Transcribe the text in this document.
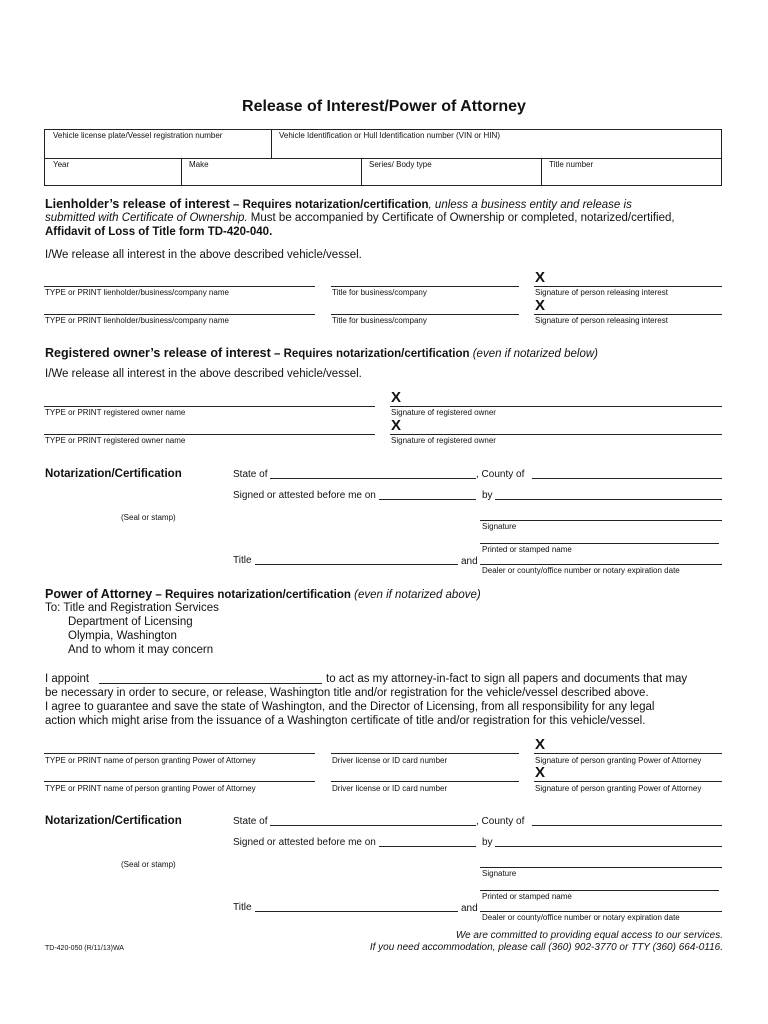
Release of Interest/Power of Attorney
Vehicle license plate/Vessel registration number	Vehicle Identification or Hull Identification number (VIN or HIN)
Year	Make	Series/ Body type	Title number
Lienholder’s release of interest – Requires notarization/certification, unless a business entity and release is
submitted with Certificate of Ownership. Must be accompanied by Certificate of Ownership or completed, notarized/certified,
Affidavit of Loss of Title form TD-420-040.
I/We release all interest in the above described vehicle/vessel.
X
TYPE or PRINT lienholder/business/company name	Title for business/company	Signature of person releasing interest
X
TYPE or PRINT lienholder/business/company name	Title for business/company	Signature of person releasing interest
Registered owner’s release of interest – Requires notarization/certification (even if notarized below)
I/We release all interest in the above described vehicle/vessel.
X
TYPE or PRINT registered owner name	Signature of registered owner
X
TYPE or PRINT registered owner name	Signature of registered owner
Notarization/Certification	State of	, County of
Signed or attested before me on	by
(Seal or stamp)
Signature
Printed or stamped name
Title	and
Dealer or county/office number or notary expiration date
Power of Attorney – Requires notarization/certification (even if notarized above)
To: Title and Registration Services
Department of Licensing
Olympia, Washington
And to whom it may concern
I appoint	to act as my attorney-in-fact to sign all papers and documents that may
be necessary in order to secure, or release, Washington title and/or registration for the vehicle/vessel described above.
I agree to guarantee and save the state of Washington, and the Director of Licensing, from all responsibility for any legal
action which might arise from the issuance of a Washington certificate of title and/or registration for this vehicle/vessel.
X
TYPE or PRINT name of person granting Power of Attorney	Driver license or ID card number	Signature of person granting Power of Attorney
X
TYPE or PRINT name of person granting Power of Attorney	Driver license or ID card number	Signature of person granting Power of Attorney
Notarization/Certification	State of	, County of
Signed or attested before me on	by
(Seal or stamp)
Signature
Printed or stamped name
Title	and
Dealer or county/office number or notary expiration date
TD-420-050 (R/11/13)WA
We are committed to providing equal access to our services.
If you need accommodation, please call (360) 902-3770 or TTY (360) 664-0116.
